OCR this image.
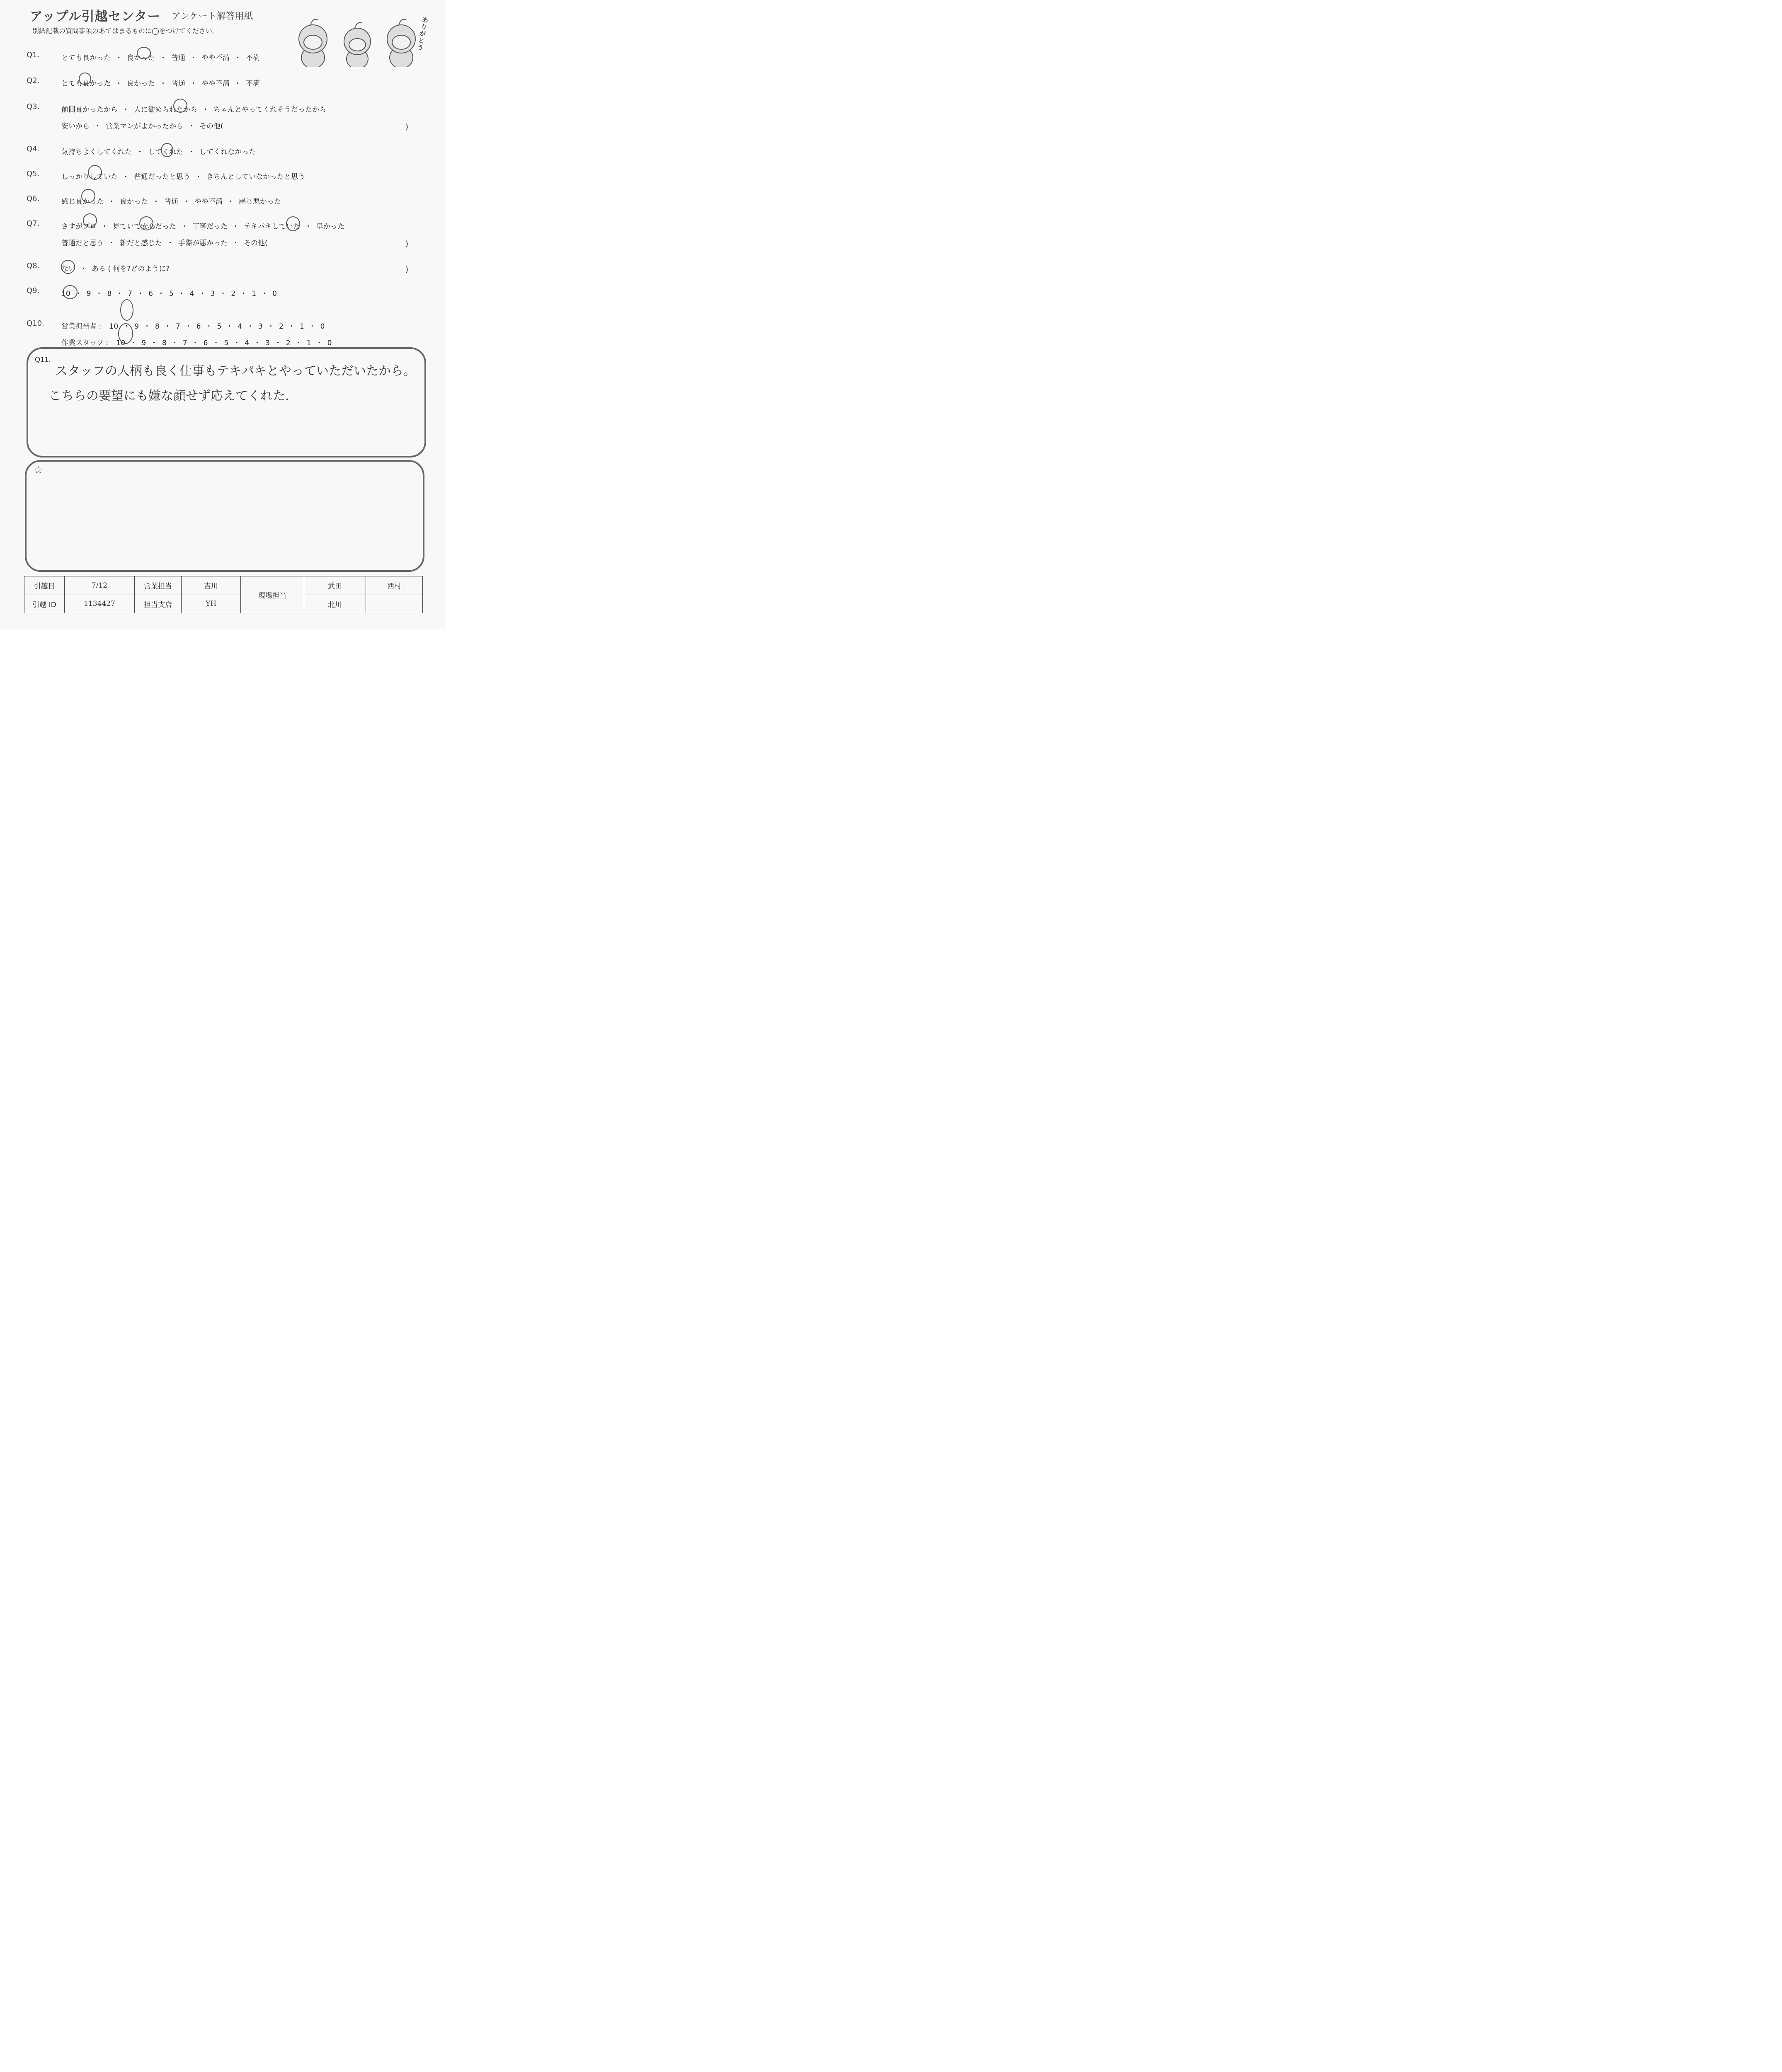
アップル引越センター アンケート解答用紙
別紙記載の質問事項のあてはまるものに◯をつけてください。
ありがとう
Q1.	とても良かった ・ 良かった ・ 普通 ・ やや不満 ・ 不満
Q2.	とても良かった ・ 良かった ・ 普通 ・ やや不満 ・ 不満
Q3.	前回良かったから ・ 人に勧められたから ・ ちゃんとやってくれそうだったから
安いから ・ 営業マンがよかったから ・ その他(	)
Q4.	気持ちよくしてくれた ・ してくれた ・ してくれなかった
Q5.	しっかりしていた ・ 普通だったと思う ・ きちんとしていなかったと思う
Q6.	感じ良かった ・ 良かった ・ 普通 ・ やや不満 ・ 感じ悪かった
Q7.	さすがプロ ・ 見ていて安心だった ・ 丁寧だった ・ テキパキしていた ・ 早かった
普通だと思う ・ 雑だと感じた ・ 手際が悪かった ・ その他(	)
Q8.	ない ・ ある ( 何を?どのように?	)
Q9.	10 ・ 9 ・ 8 ・ 7 ・ 6 ・ 5 ・ 4 ・ 3 ・ 2 ・ 1 ・ 0
Q10. 営業担当者 : 10 ・ 9 ・ 8 ・ 7 ・ 6 ・ 5 ・ 4 ・ 3 ・ 2 ・ 1 ・ 0
作業スタッフ : 10 ・ 9 ・ 8 ・ 7 ・ 6 ・ 5 ・ 4 ・ 3 ・ 2 ・ 1 ・ 0
Q11.
スタッフの人柄も良く仕事もテキパキとやっていただいたから。
こちらの要望にも嫌な顔せず応えてくれた.
☆
引越日	7/12	営業担当	吉川	現場担当	武田	西村
引越 ID	1134427	担当支店	YH		北川	
